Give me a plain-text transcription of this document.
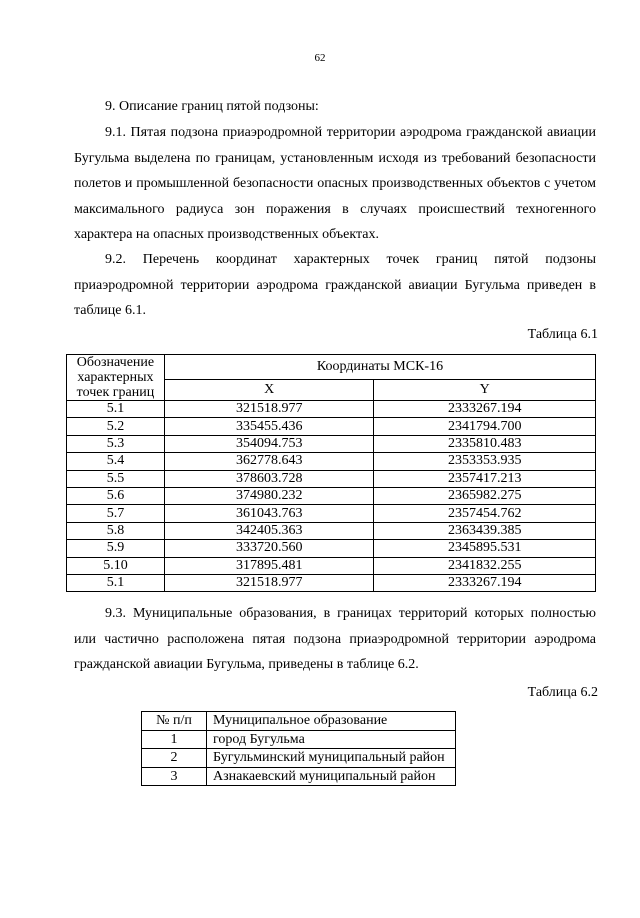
62

9. Описание границ пятой подзоны:

9.1. Пятая подзона приаэродромной территории аэродрома гражданской авиации Бугульма выделена по границам, установленным исходя из требований безопасности полетов и промышленной безопасности опасных производственных объектов с учетом максимального радиуса зон поражения в случаях происшествий техногенного характера на опасных производственных объектах.

9.2. Перечень координат характерных точек границ пятой подзоны приаэродромной территории аэродрома гражданской авиации Бугульма приведен в таблице 6.1.

Таблица 6.1
Обозначение характерных точек границ	Координаты МСК-16	
	X	Y
5.1	321518.977	2333267.194
5.2	335455.436	2341794.700
5.3	354094.753	2335810.483
5.4	362778.643	2353353.935
5.5	378603.728	2357417.213
5.6	374980.232	2365982.275
5.7	361043.763	2357454.762
5.8	342405.363	2363439.385
5.9	333720.560	2345895.531
5.10	317895.481	2341832.255
5.1	321518.977	2333267.194

9.3. Муниципальные образования, в границах территорий которых полностью или частично расположена пятая подзона приаэродромной территории аэродрома гражданской авиации Бугульма, приведены в таблице 6.2.

Таблица 6.2
№ п/п	Муниципальное образование
1	город Бугульма
2	Бугульминский муниципальный район
3	Азнакаевский муниципальный район
